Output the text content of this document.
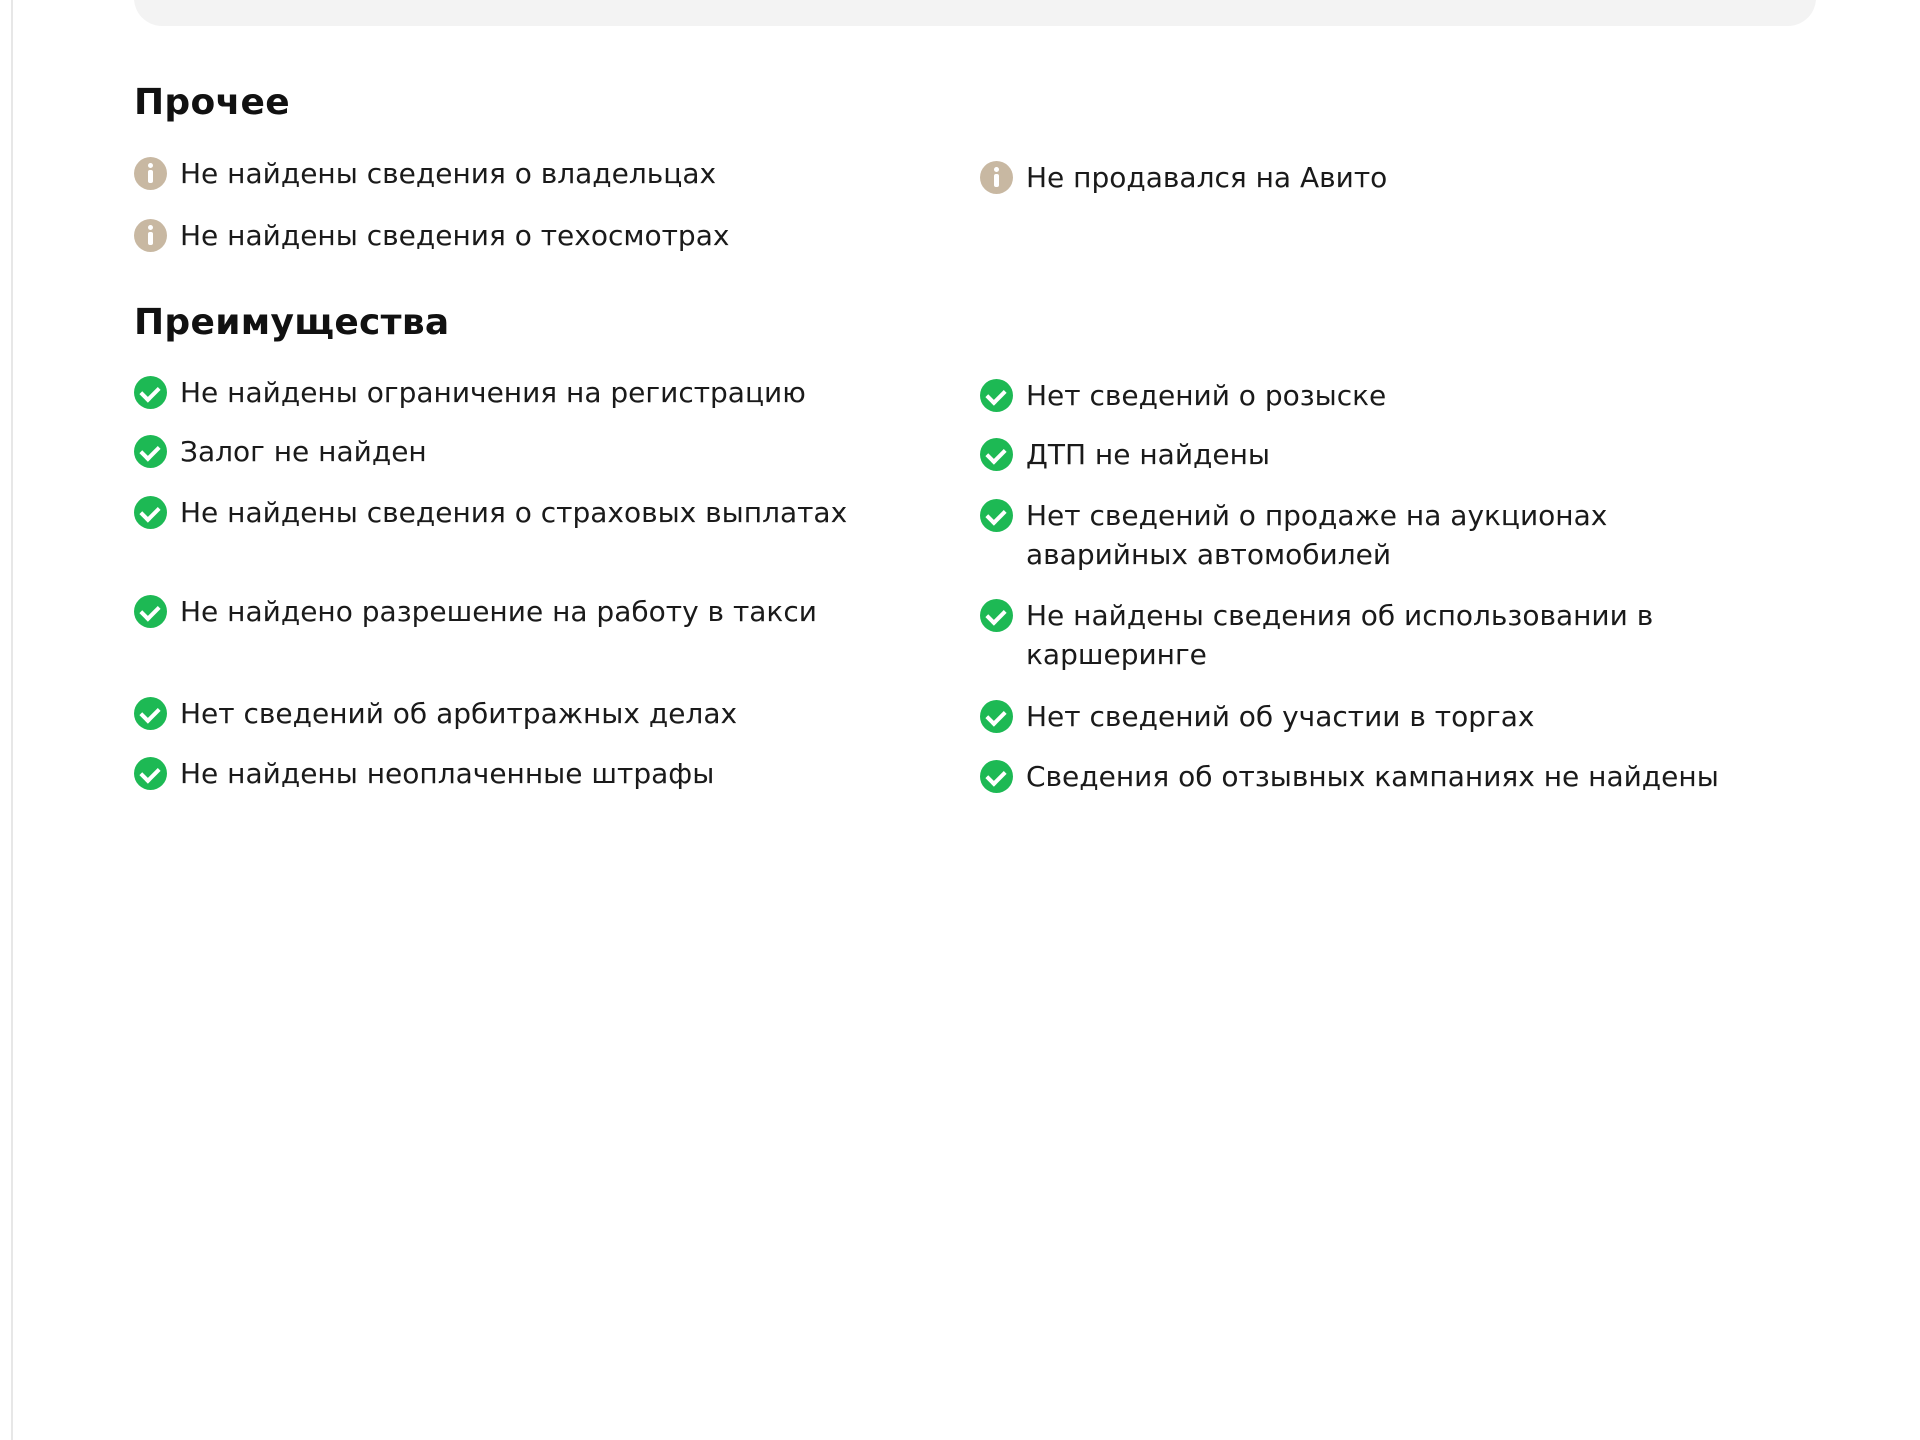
Прочее
Не найдены сведения о владельцах	Не продавался на Авито
Не найдены сведения о техосмотрах
Преимущества
Не найдены ограничения на регистрацию	Нет сведений о розыске
Залог не найден	ДТП не найдены
Не найдены сведения о страховых выплатах	Нет сведений о продаже на аукционах аварийных автомобилей
Не найдено разрешение на работу в такси	Не найдены сведения об использовании в каршеринге
Нет сведений об арбитражных делах	Нет сведений об участии в торгах
Не найдены неоплаченные штрафы	Сведения об отзывных кампаниях не найдены
